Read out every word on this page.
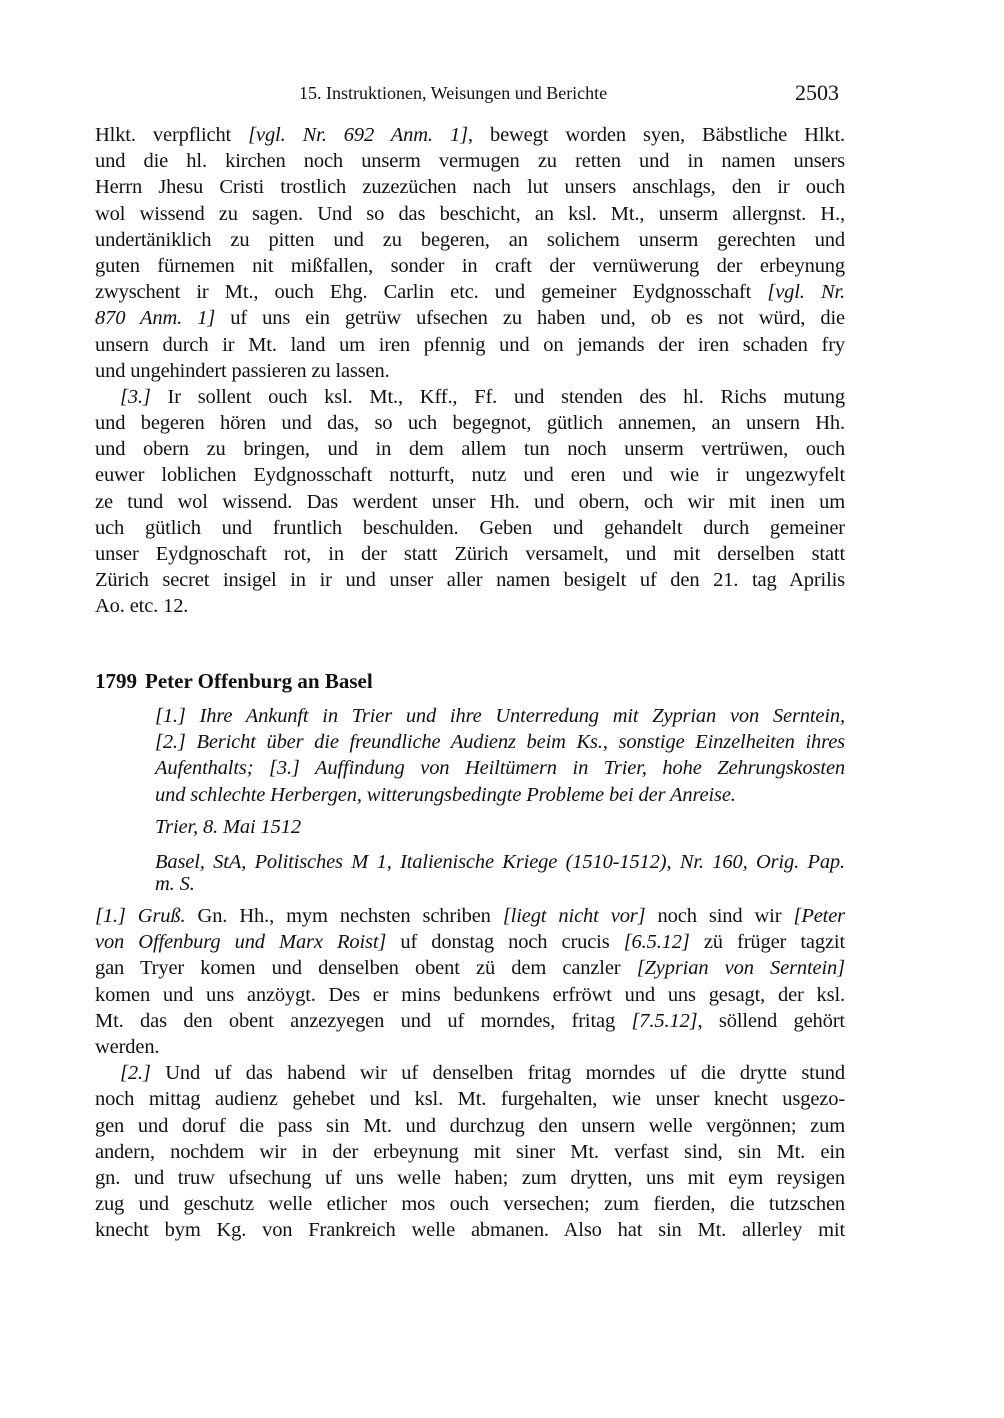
15. Instruktionen, Weisungen und Berichte	2503
Hlkt. verpflicht [vgl. Nr. 692 Anm. 1], bewegt worden syen, Bäbstliche Hlkt.
und die hl. kirchen noch unserm vermugen zu retten und in namen unsers
Herrn Jhesu Cristi trostlich zuzezüchen nach lut unsers anschlags, den ir ouch
wol wissend zu sagen. Und so das beschicht, an ksl. Mt., unserm allergnst. H.,
undertäniklich zu pitten und zu begeren, an solichem unserm gerechten und
guten fürnemen nit mißfallen, sonder in craft der vernüwerung der erbeynung
zwyschent ir Mt., ouch Ehg. Carlin etc. und gemeiner Eydgnosschaft [vgl. Nr.
870 Anm. 1] uf uns ein getrüw ufsechen zu haben und, ob es not würd, die
unsern durch ir Mt. land um iren pfennig und on jemands der iren schaden fry
und ungehindert passieren zu lassen.
[3.] Ir sollent ouch ksl. Mt., Kff., Ff. und stenden des hl. Richs mutung
und begeren hören und das, so uch begegnot, gütlich annemen, an unsern Hh.
und obern zu bringen, und in dem allem tun noch unserm vertrüwen, ouch
euwer loblichen Eydgnosschaft notturft, nutz und eren und wie ir ungezwyfelt
ze tund wol wissend. Das werdent unser Hh. und obern, och wir mit inen um
uch gütlich und fruntlich beschulden. Geben und gehandelt durch gemeiner
unser Eydgnoschaft rot, in der statt Zürich versamelt, und mit derselben statt
Zürich secret insigel in ir und unser aller namen besigelt uf den 21. tag Aprilis
Ao. etc. 12.
1799 Peter Offenburg an Basel
[1.] Ihre Ankunft in Trier und ihre Unterredung mit Zyprian von Serntein,
[2.] Bericht über die freundliche Audienz beim Ks., sonstige Einzelheiten ihres
Aufenthalts; [3.] Auffindung von Heiltümern in Trier, hohe Zehrungskosten
und schlechte Herbergen, witterungsbedingte Probleme bei der Anreise.
Trier, 8. Mai 1512
Basel, StA, Politisches M 1, Italienische Kriege (1510-1512), Nr. 160, Orig. Pap.
m. S.
[1.] Gruß. Gn. Hh., mym nechsten schriben [liegt nicht vor] noch sind wir [Peter
von Offenburg und Marx Roist] uf donstag noch crucis [6.5.12] zü früger tagzit
gan Tryer komen und denselben obent zü dem canzler [Zyprian von Serntein]
komen und uns anzöygt. Des er mins bedunkens erfröwt und uns gesagt, der ksl.
Mt. das den obent anzezyegen und uf morndes, fritag [7.5.12], söllend gehört
werden.
[2.] Und uf das habend wir uf denselben fritag morndes uf die drytte stund
noch mittag audienz gehebet und ksl. Mt. furgehalten, wie unser knecht usgezo-
gen und doruf die pass sin Mt. und durchzug den unsern welle vergönnen; zum
andern, nochdem wir in der erbeynung mit siner Mt. verfast sind, sin Mt. ein
gn. und truw ufsechung uf uns welle haben; zum drytten, uns mit eym reysigen
zug und geschutz welle etlicher mos ouch versechen; zum fierden, die tutzschen
knecht bym Kg. von Frankreich welle abmanen. Also hat sin Mt. allerley mit
